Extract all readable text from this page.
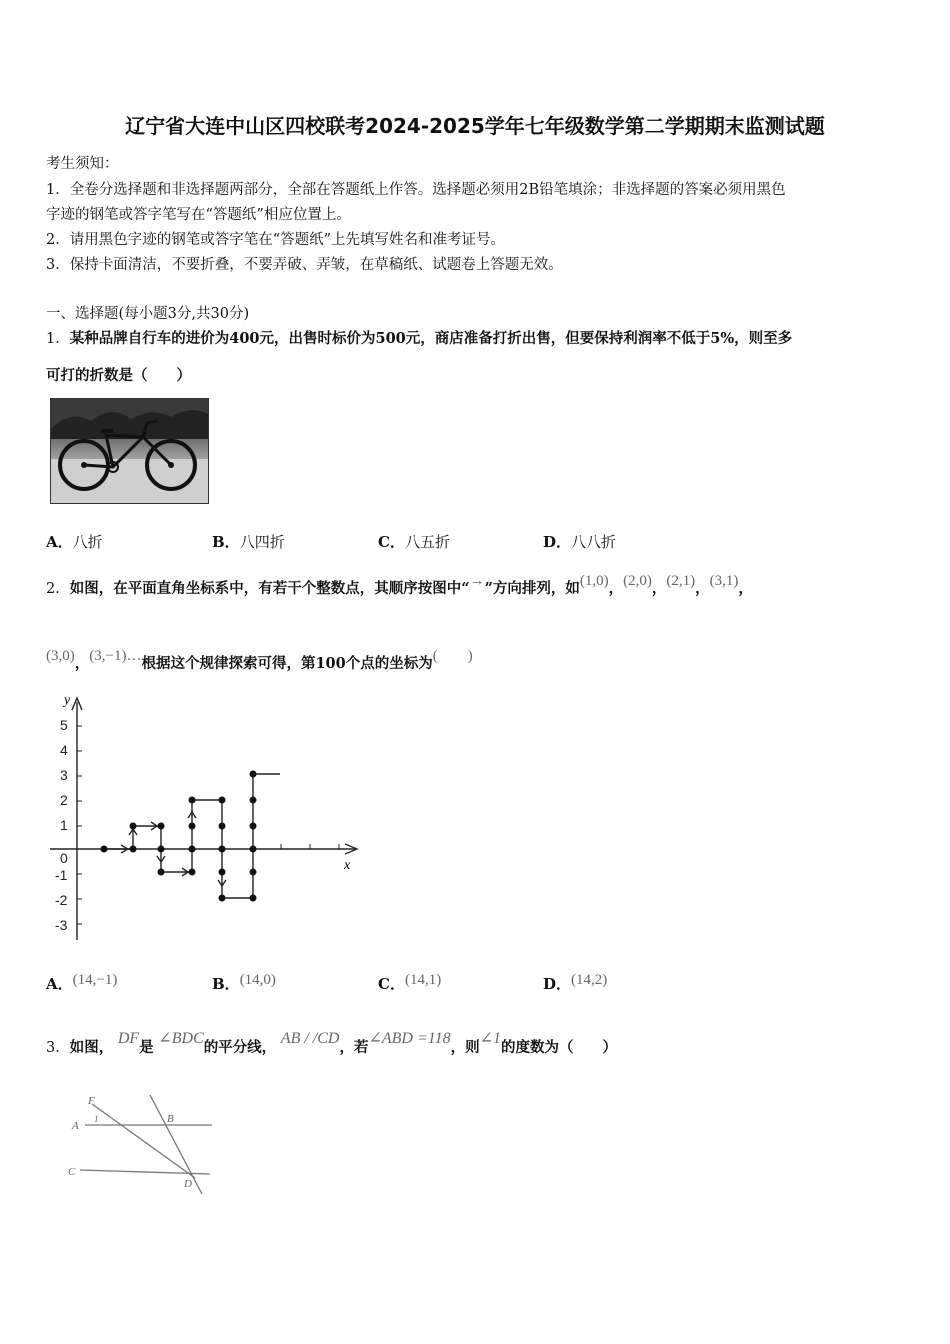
辽宁省大连中山区四校联考2024-2025学年七年级数学第二学期期末监测试题
考生须知：
1．全卷分选择题和非选择题两部分，全部在答题纸上作答。选择题必须用2B铅笔填涂；非选择题的答案必须用黑色
字迹的钢笔或答字笔写在“答题纸”相应位置上。
2．请用黑色字迹的钢笔或答字笔在“答题纸”上先填写姓名和准考证号。
3．保持卡面清洁，不要折叠，不要弄破、弄皱，在草稿纸、试题卷上答题无效。
一、选择题(每小题3分,共30分)
1．某种品牌自行车的进价为400元，出售时标价为500元，商店准备打折出售，但要保持利润率不低于5%，则至多
可打的折数是（　　）
A．八折	B．八四折	C．八五折	D．八八折
2．如图，在平面直角坐标系中，有若干个整数点，其顺序按图中“→”方向排列，如(1,0)，(2,0)，(2,1)，(3,1)，
(3,0)，(3,−1)…根据这个规律探索可得，第100个点的坐标为(　　)
y
x
5
4
3
2
1
0
-1
-2
-3
A．(14,−1)	B．(14,0)	C．(14,1)	D．(14,2)
3．如图， DF是 ∠BDC的平分线， AB / /CD，若∠ABD =118，则∠1的度数为（　　）
F
A
B
C
D
1
